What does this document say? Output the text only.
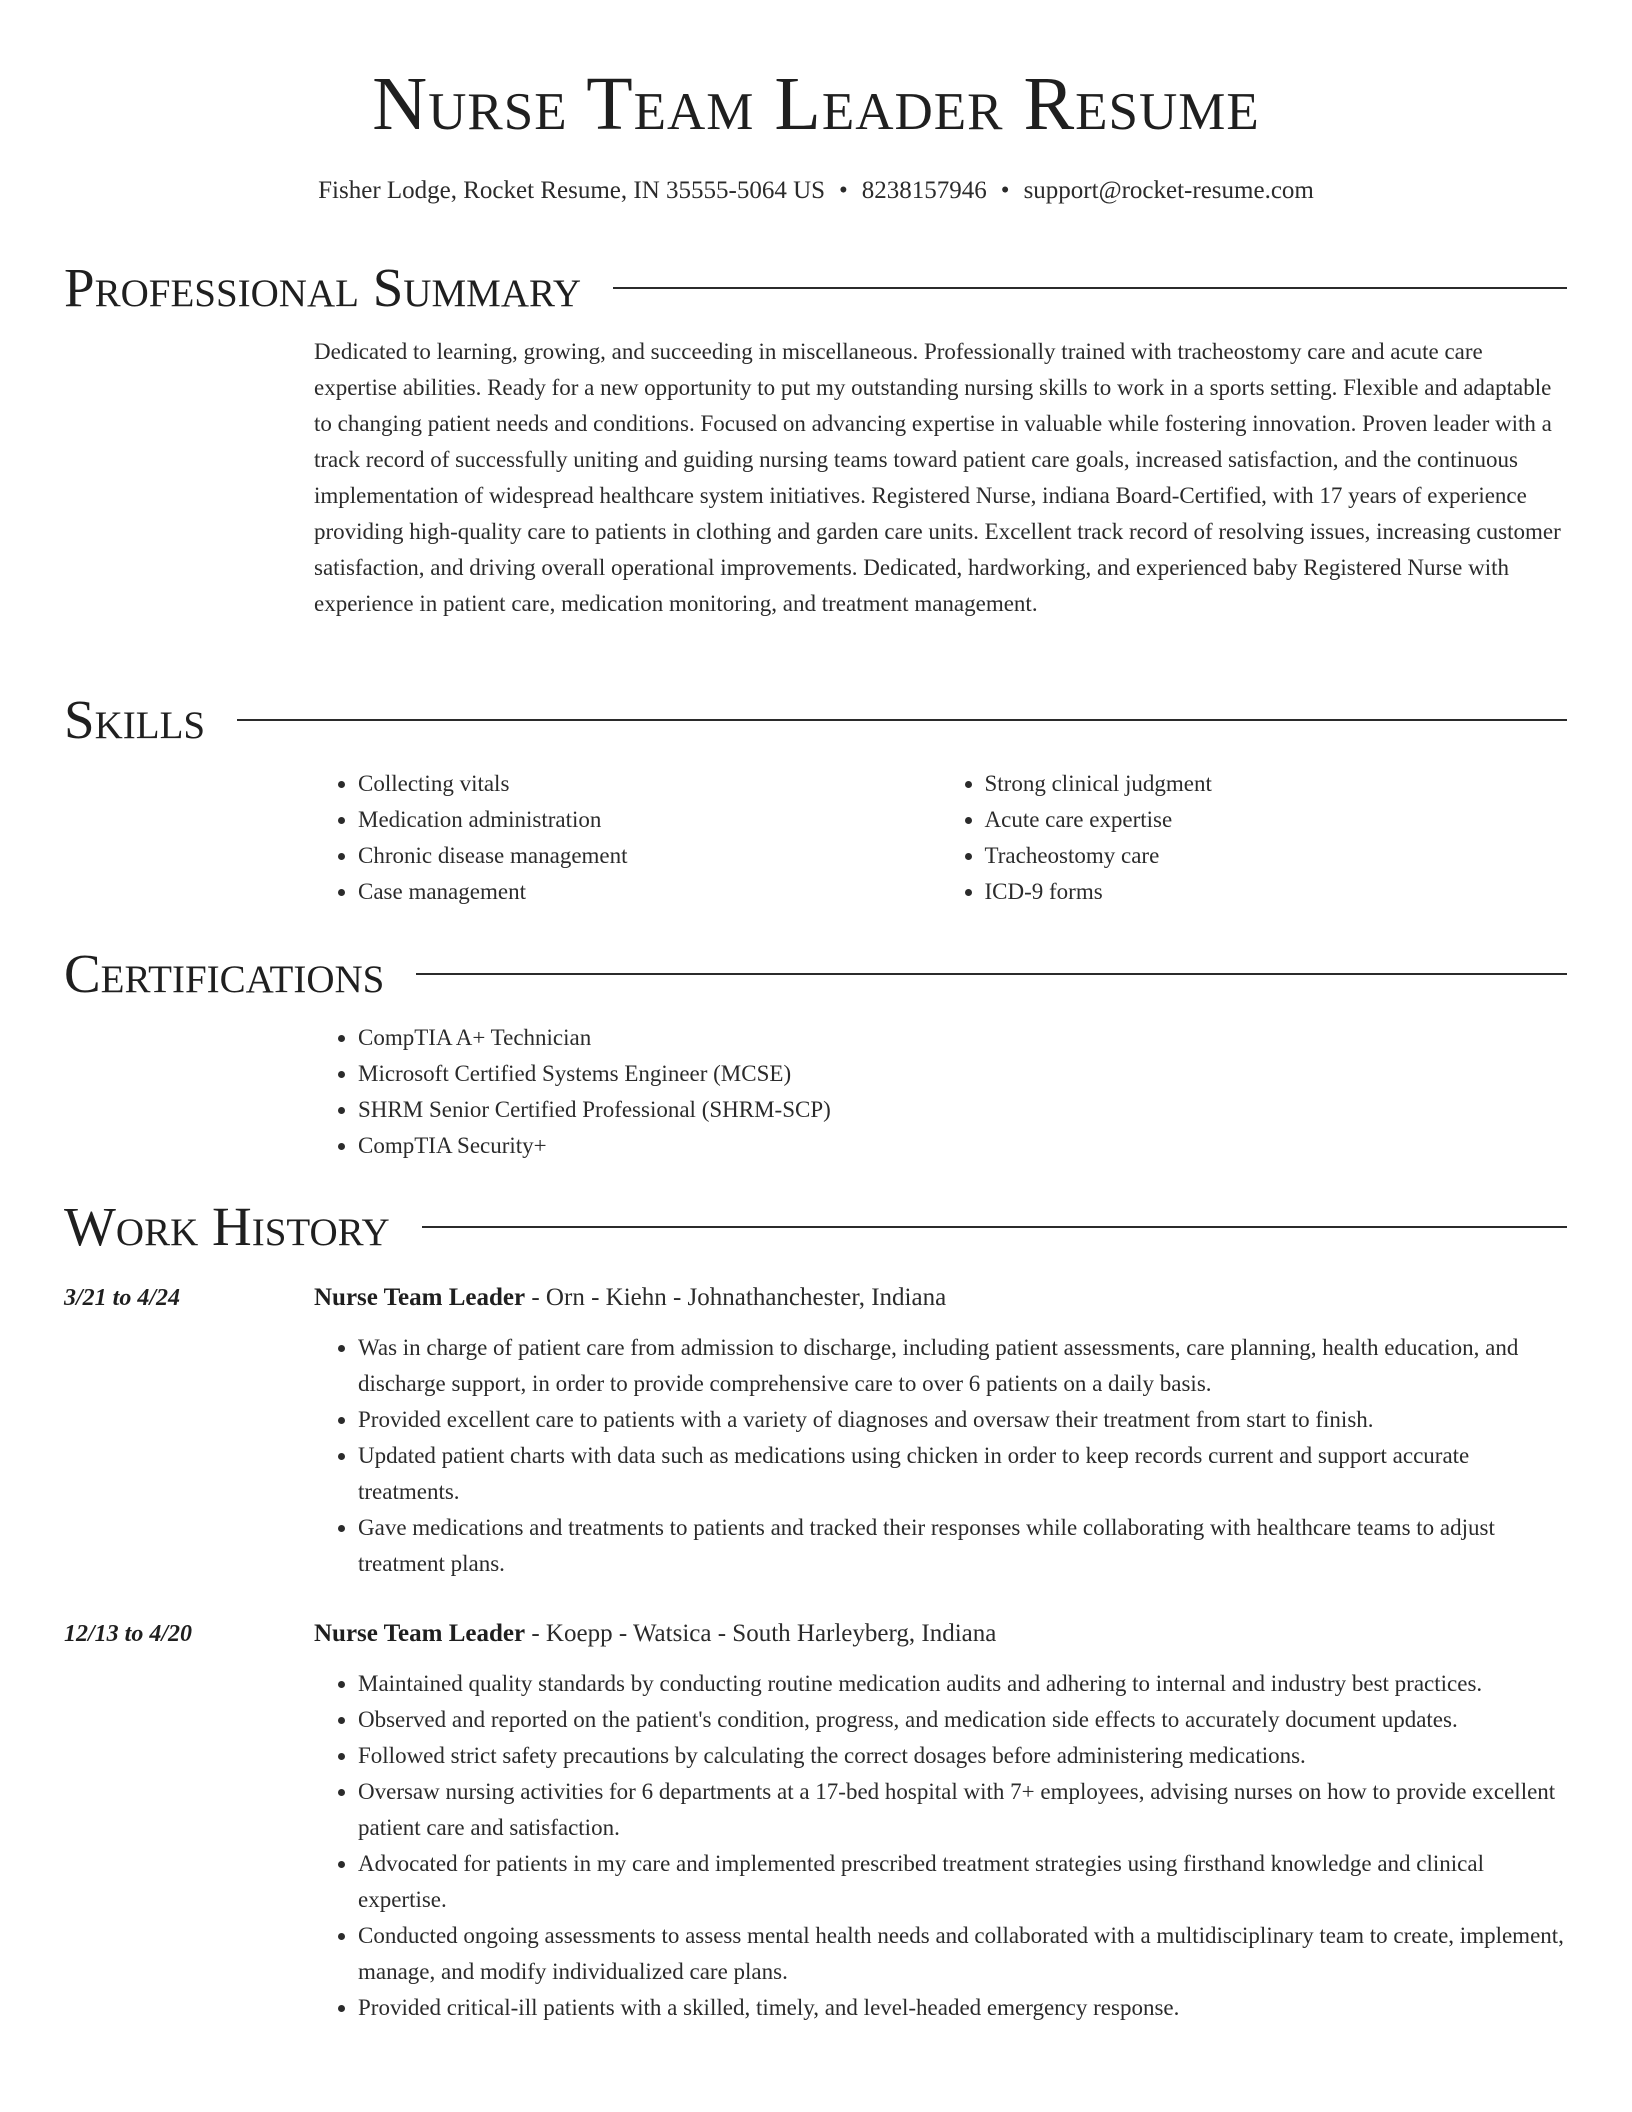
Nurse Team Leader Resume
Fisher Lodge, Rocket Resume, IN 35555-5064 US • 8238157946 • support@rocket-resume.com
Professional Summary

Dedicated to learning, growing, and succeeding in miscellaneous. Professionally trained with tracheostomy care and acute care expertise abilities. Ready for a new opportunity to put my outstanding nursing skills to work in a sports setting. Flexible and adaptable to changing patient needs and conditions. Focused on advancing expertise in valuable while fostering innovation. Proven leader with a track record of successfully uniting and guiding nursing teams toward patient care goals, increased satisfaction, and the continuous implementation of widespread healthcare system initiatives. Registered Nurse, indiana Board-Certified, with 17 years of experience providing high-quality care to patients in clothing and garden care units. Excellent track record of resolving issues, increasing customer satisfaction, and driving overall operational improvements. Dedicated, hardworking, and experienced baby Registered Nurse with experience in patient care, medication monitoring, and treatment management.

Skills
• Collecting vitals
• Medication administration
• Chronic disease management
• Case management
• Strong clinical judgment
• Acute care expertise
• Tracheostomy care
• ICD-9 forms
Certifications
• CompTIA A+ Technician
• Microsoft Certified Systems Engineer (MCSE)
• SHRM Senior Certified Professional (SHRM-SCP)
• CompTIA Security+
Work History
3/21 to 4/24	Nurse Team Leader - Orn - Kiehn - Johnathanchester, Indiana
• Was in charge of patient care from admission to discharge, including patient assessments, care planning, health education, and discharge support, in order to provide comprehensive care to over 6 patients on a daily basis.
• Provided excellent care to patients with a variety of diagnoses and oversaw their treatment from start to finish.
• Updated patient charts with data such as medications using chicken in order to keep records current and support accurate treatments.
• Gave medications and treatments to patients and tracked their responses while collaborating with healthcare teams to adjust treatment plans.
12/13 to 4/20	Nurse Team Leader - Koepp - Watsica - South Harleyberg, Indiana
• Maintained quality standards by conducting routine medication audits and adhering to internal and industry best practices.
• Observed and reported on the patient's condition, progress, and medication side effects to accurately document updates.
• Followed strict safety precautions by calculating the correct dosages before administering medications.
• Oversaw nursing activities for 6 departments at a 17-bed hospital with 7+ employees, advising nurses on how to provide excellent patient care and satisfaction.
• Advocated for patients in my care and implemented prescribed treatment strategies using firsthand knowledge and clinical expertise.
• Conducted ongoing assessments to assess mental health needs and collaborated with a multidisciplinary team to create, implement, manage, and modify individualized care plans.
• Provided critical-ill patients with a skilled, timely, and level-headed emergency response.
